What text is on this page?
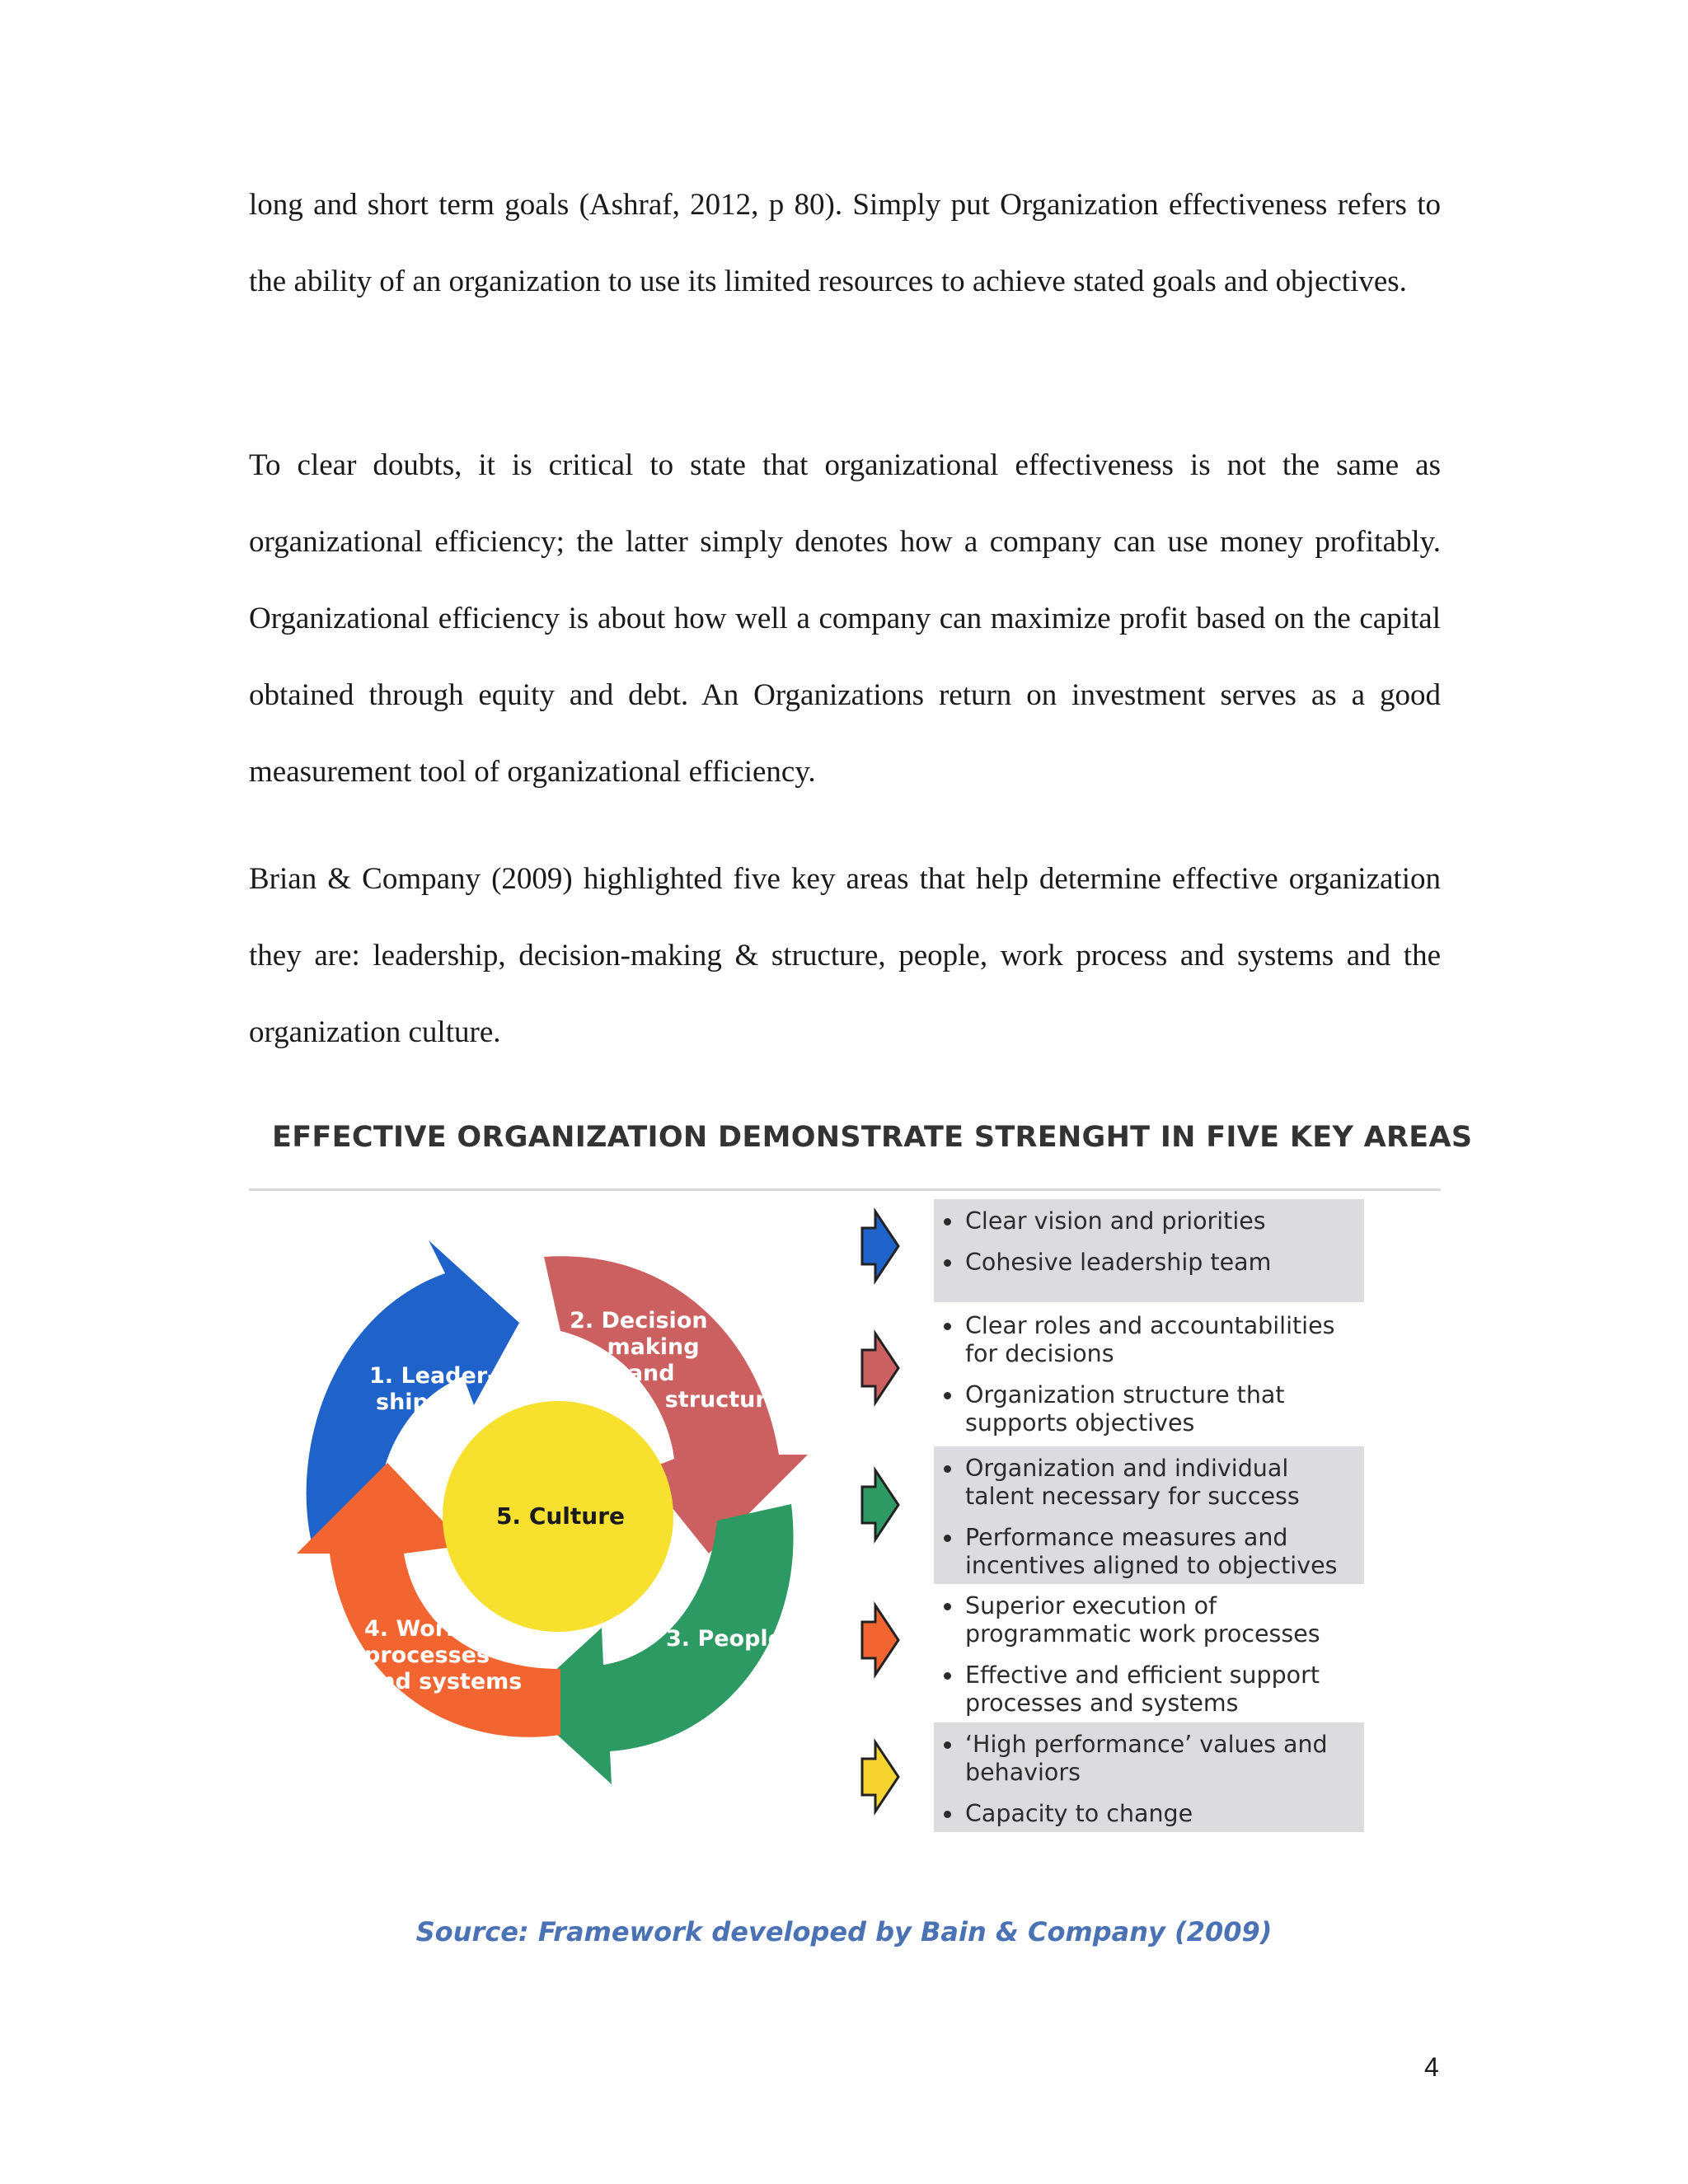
long and short term goals (Ashraf, 2012, p 80). Simply put Organization effectiveness refers to the ability of an organization to use its limited resources to achieve stated goals and objectives.

To clear doubts, it is critical to state that organizational effectiveness is not the same as organizational efficiency; the latter simply denotes how a company can use money profitably. Organizational efficiency is about how well a company can maximize profit based on the capital obtained through equity and debt. An Organizations return on investment serves as a good measurement tool of organizational efficiency.

Brian & Company (2009) highlighted five key areas that help determine effective organization they are: leadership, decision-making & structure, people, work process and systems and the organization culture.

EFFECTIVE ORGANIZATION DEMONSTRATE STRENGHT IN FIVE KEY AREAS
1. Leader- ship
2. Decision making and structure
3. People
4. Work processes and systems
5. Culture
Clear vision and priorities
Cohesive leadership team
Clear roles and accountabilities for decisions
Organization structure that supports objectives
Organization and individual talent necessary for success
Performance measures and incentives aligned to objectives
Superior execution of programmatic work processes
Effective and efficient support processes and systems
‘High performance’ values and behaviors
Capacity to change
Source: Framework developed by Bain & Company (2009)
4
